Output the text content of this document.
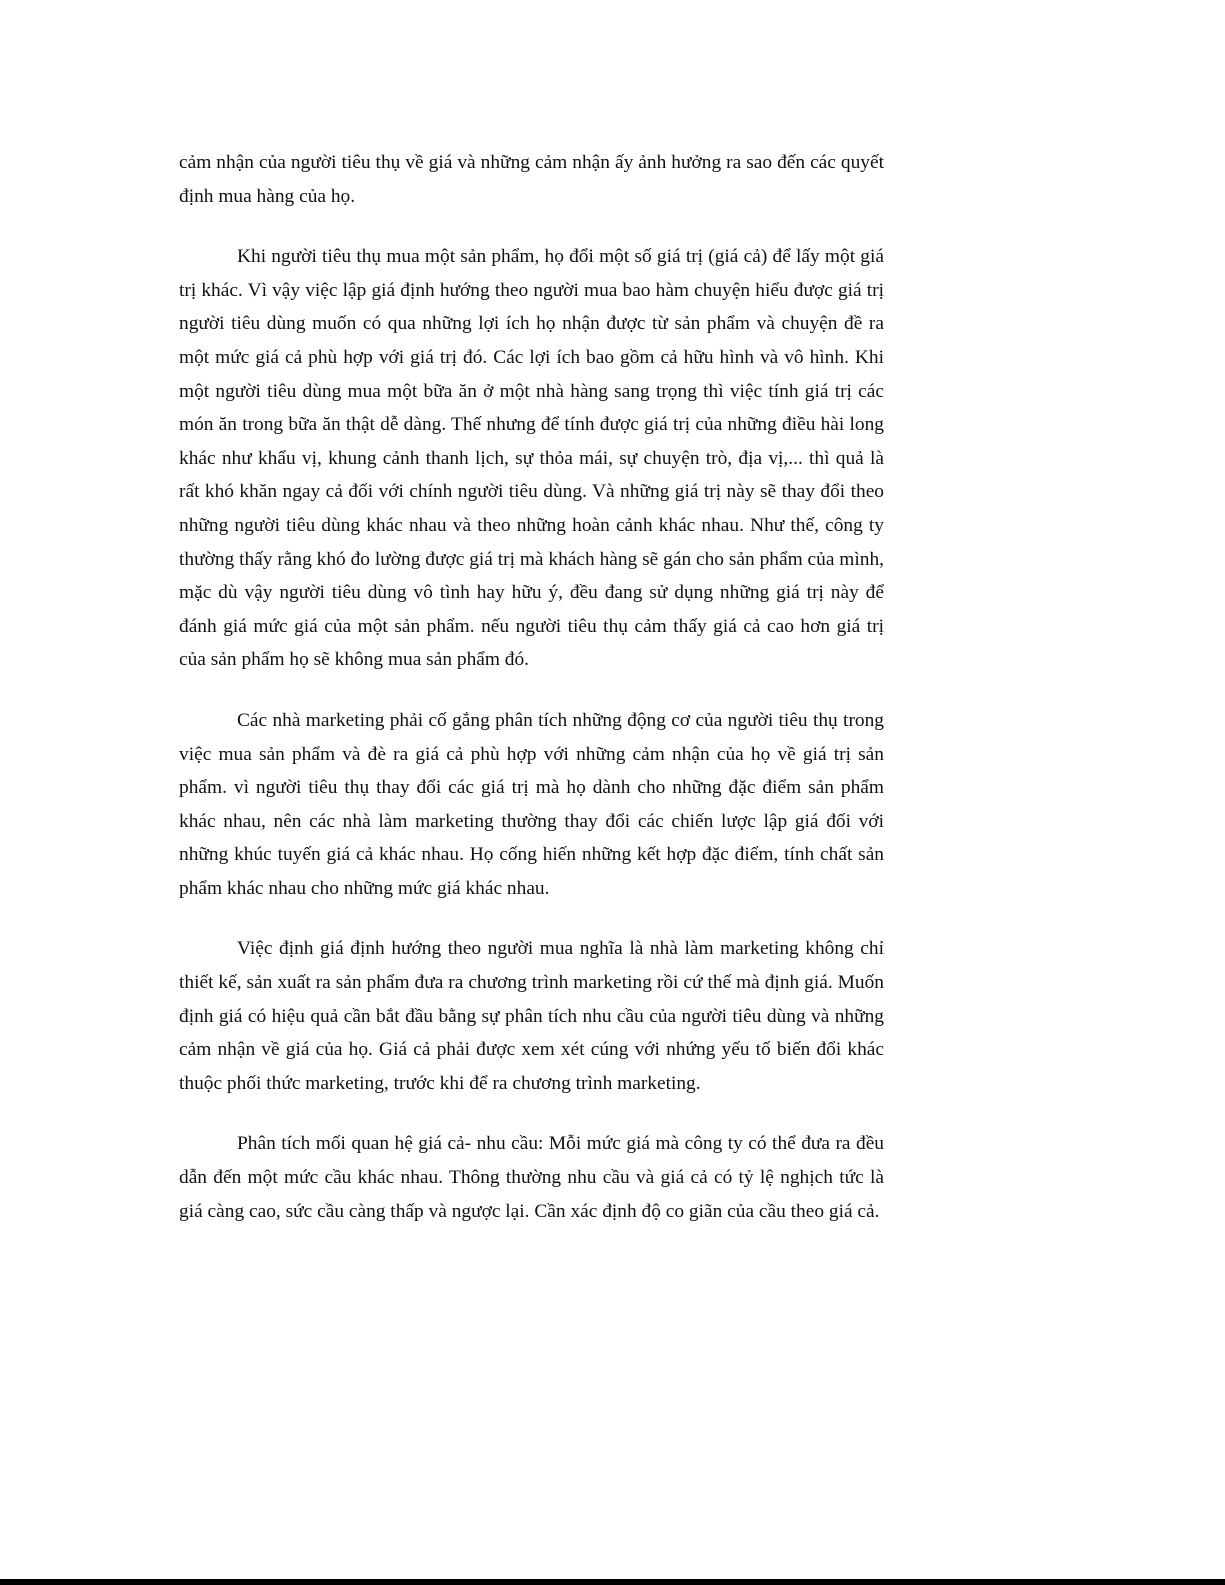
cảm nhận của người tiêu thụ về giá và những cảm nhận ấy ảnh hưởng ra sao đến các quyết định mua hàng của họ.

Khi người tiêu thụ mua một sản phẩm, họ đổi một số giá trị (giá cả) để lấy một giá trị khác. Vì vậy việc lập giá định hướng theo người mua bao hàm chuyện hiểu được giá trị người tiêu dùng muốn có qua những lợi ích họ nhận được từ sản phẩm và chuyện đề ra một mức giá cả phù hợp với giá trị đó. Các lợi ích bao gồm cả hữu hình và vô hình. Khi một người tiêu dùng mua một bữa ăn ở một nhà hàng sang trọng thì việc tính giá trị các món ăn trong bữa ăn thật dễ dàng. Thế nhưng để tính được giá trị của những điều hài long khác như khẩu vị, khung cảnh thanh lịch, sự thỏa mái, sự chuyện trò, địa vị,... thì quả là rất khó khăn ngay cả đối với chính người tiêu dùng. Và những giá trị này sẽ thay đổi theo những người tiêu dùng khác nhau và theo những hoàn cảnh khác nhau. Như thế, công ty thường thấy rằng khó đo lường được giá trị mà khách hàng sẽ gán cho sản phẩm của mình, mặc dù vậy người tiêu dùng vô tình hay hữu ý, đều đang sử dụng những giá trị này để đánh giá mức giá của một sản phẩm. nếu người tiêu thụ cảm thấy giá cả cao hơn giá trị của sản phẩm họ sẽ không mua sản phẩm đó.

Các nhà marketing phải cố gắng phân tích những động cơ của người tiêu thụ trong việc mua sản phẩm và đè ra giá cả phù hợp với những cảm nhận của họ về giá trị sản phẩm. vì người tiêu thụ thay đổi các giá trị mà họ dành cho những đặc điểm sản phẩm khác nhau, nên các nhà làm marketing thường thay đổi các chiến lược lập giá đối với những khúc tuyến giá cả khác nhau. Họ cống hiến những kết hợp đặc điểm, tính chất sản phẩm khác nhau cho những mức giá khác nhau.

Việc định giá định hướng theo người mua nghĩa là nhà làm marketing không chỉ thiết kế, sản xuất ra sản phẩm đưa ra chương trình marketing rồi cứ thế mà định giá. Muốn định giá có hiệu quả cần bắt đầu bằng sự phân tích nhu cầu của người tiêu dùng và những cảm nhận về giá của họ. Giá cả phải được xem xét cúng với nhứng yếu tố biến đổi khác thuộc phối thức marketing, trước khi để ra chương trình marketing.

Phân tích mối quan hệ giá cả- nhu cầu: Mỗi mức giá mà công ty có thể đưa ra đều dẫn đến một mức cầu khác nhau. Thông thường nhu cầu và giá cả có tỷ lệ nghịch tức là giá càng cao, sức cầu càng thấp và ngược lại. Cần xác định độ co giãn của cầu theo giá cả.
